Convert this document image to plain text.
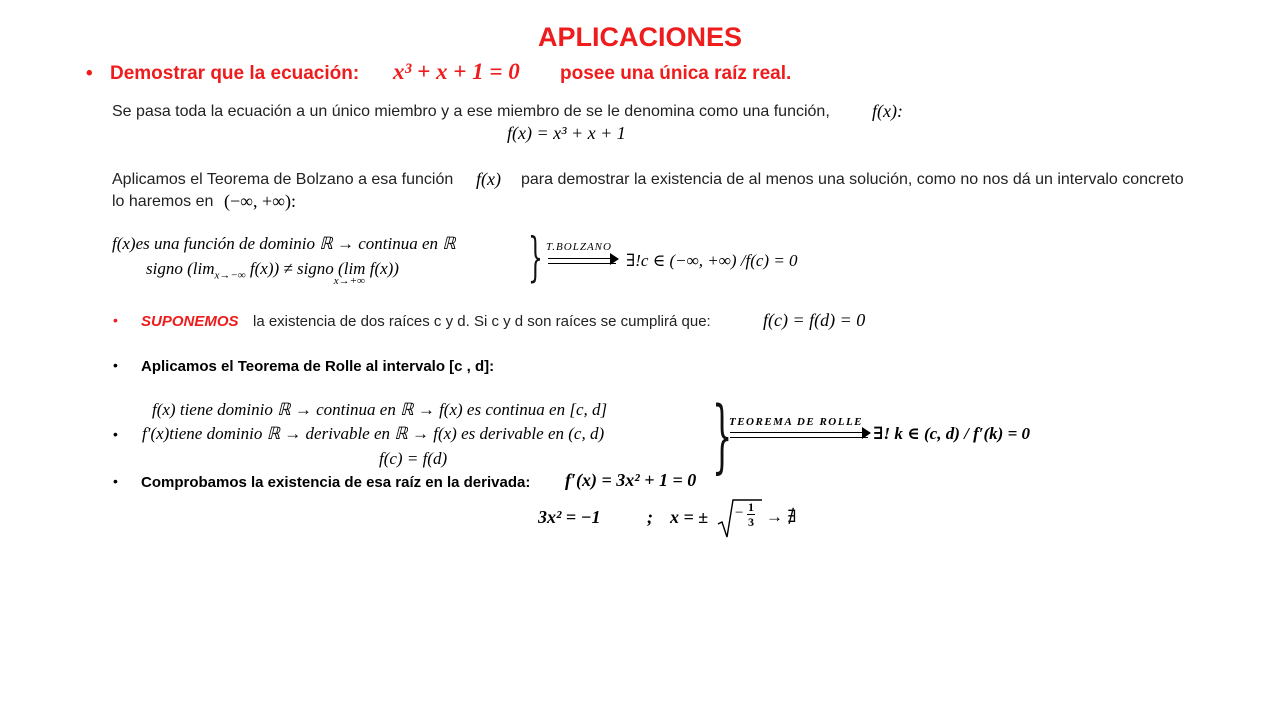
APLICACIONES
• Demostrar que la ecuación: x³ + x + 1 = 0 posee una única raíz real.
Se pasa toda la ecuación a un único miembro y a ese miembro de se le denomina como una función, f(x):
f(x) = x³ + x + 1
Aplicamos el Teorema de Bolzano a esa función f(x) para demostrar la existencia de al menos una solución, como no nos dá un intervalo concreto
lo haremos en (−∞, +∞):
f(x)es una función de dominio ℝ → continua en ℝ
signo ($\lim_{x\to-\infty}$ f(x)) ≠ signo (lim
x→+∞
f(x)) } T.BOLZANO
∃!c ∈ (−∞, +∞) /f(c) = 0
• SUPONEMOS la existencia de dos raíces c y d. Si c y d son raíces se cumplirá que:	f(c) = f(d) = 0
• Aplicamos el Teorema de Rolle al intervalo [c , d]:
f(x) tiene dominio ℝ → continua en ℝ → f(x) es continua en [c, d]
• f′(x)tiene dominio ℝ → derivable en ℝ → f(x) es derivable en (c, d)
f(c) = f(d)	}
TEOREMA DE ROLLE
∃! k ∈ (c, d) / f′(k) = 0
• Comprobamos la existencia de esa raíz en la derivada: f′(x) = 3x² + 1 = 0
3x² = −1	; x = ± − 1
3 → ∄
